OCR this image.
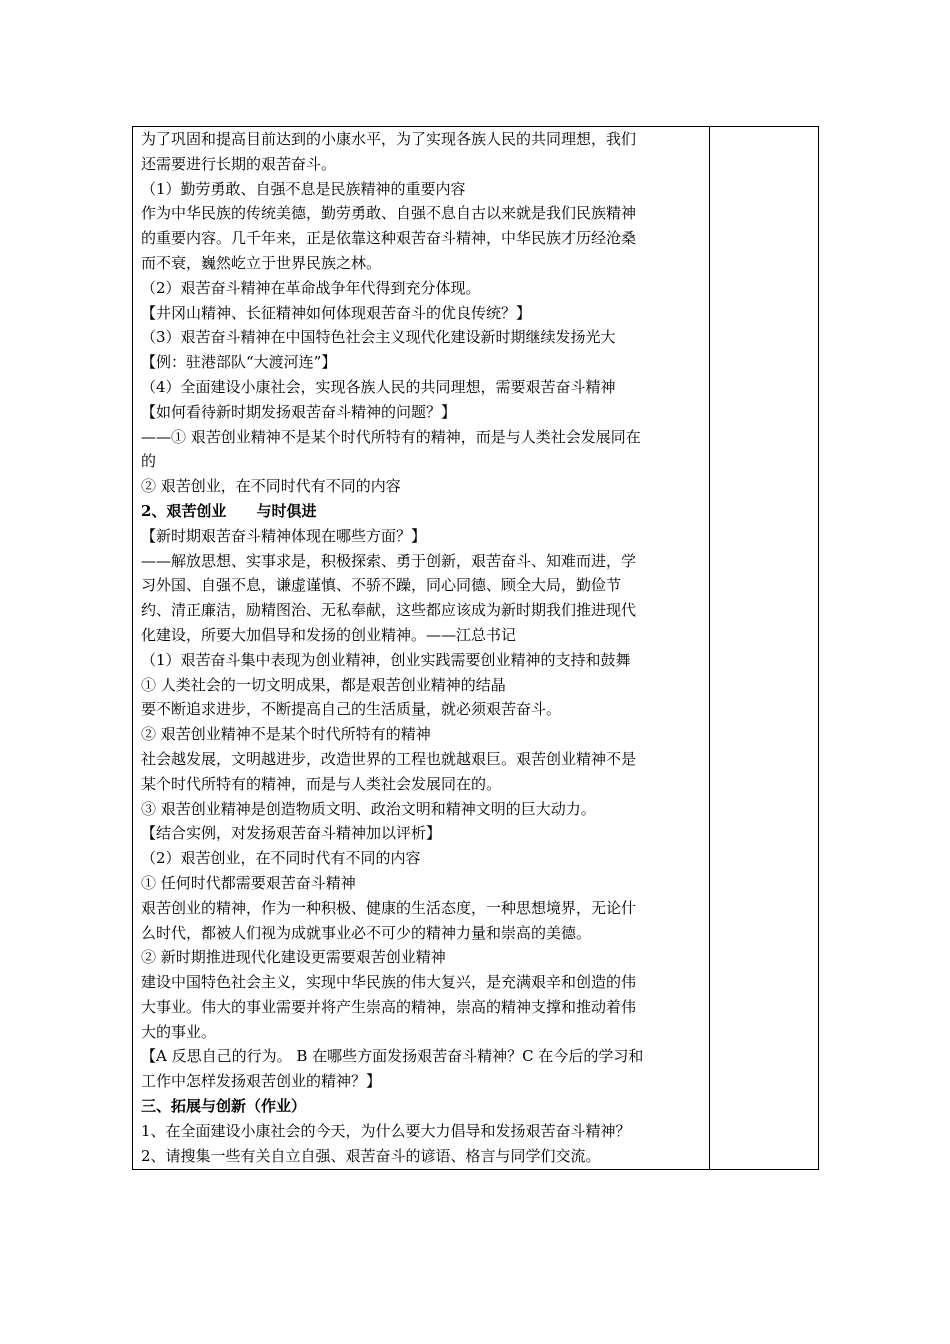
为了巩固和提高目前达到的小康水平，为了实现各族人民的共同理想，我们
还需要进行长期的艰苦奋斗。
（1）勤劳勇敢、自强不息是民族精神的重要内容
作为中华民族的传统美德，勤劳勇敢、自强不息自古以来就是我们民族精神
的重要内容。几千年来，正是依靠这种艰苦奋斗精神，中华民族才历经沧桑
而不衰，巍然屹立于世界民族之林。
（2）艰苦奋斗精神在革命战争年代得到充分体现。
【井冈山精神、长征精神如何体现艰苦奋斗的优良传统？】
（3）艰苦奋斗精神在中国特色社会主义现代化建设新时期继续发扬光大
【例：驻港部队“大渡河连”】
（4）全面建设小康社会，实现各族人民的共同理想，需要艰苦奋斗精神
【如何看待新时期发扬艰苦奋斗精神的问题？】
——① 艰苦创业精神不是某个时代所特有的精神，而是与人类社会发展同在
的
② 艰苦创业，在不同时代有不同的内容
2、艰苦创业　　与时俱进
【新时期艰苦奋斗精神体现在哪些方面？】
——解放思想、实事求是，积极探索、勇于创新，艰苦奋斗、知难而进，学
习外国、自强不息，谦虚谨慎、不骄不躁，同心同德、顾全大局，勤俭节
约、清正廉洁，励精图治、无私奉献，这些都应该成为新时期我们推进现代
化建设，所要大加倡导和发扬的创业精神。——江总书记
（1）艰苦奋斗集中表现为创业精神，创业实践需要创业精神的支持和鼓舞
① 人类社会的一切文明成果，都是艰苦创业精神的结晶
要不断追求进步，不断提高自己的生活质量，就必须艰苦奋斗。
② 艰苦创业精神不是某个时代所特有的精神
社会越发展，文明越进步，改造世界的工程也就越艰巨。艰苦创业精神不是
某个时代所特有的精神，而是与人类社会发展同在的。
③ 艰苦创业精神是创造物质文明、政治文明和精神文明的巨大动力。
【结合实例，对发扬艰苦奋斗精神加以评析】
（2）艰苦创业，在不同时代有不同的内容
① 任何时代都需要艰苦奋斗精神
艰苦创业的精神，作为一种积极、健康的生活态度，一种思想境界，无论什
么时代，都被人们视为成就事业必不可少的精神力量和崇高的美德。
② 新时期推进现代化建设更需要艰苦创业精神
建设中国特色社会主义，实现中华民族的伟大复兴，是充满艰辛和创造的伟
大事业。伟大的事业需要并将产生崇高的精神，崇高的精神支撑和推动着伟
大的事业。
【A 反思自己的行为。 B 在哪些方面发扬艰苦奋斗精神？C 在今后的学习和
工作中怎样发扬艰苦创业的精神？】
三、拓展与创新（作业）
1、在全面建设小康社会的今天，为什么要大力倡导和发扬艰苦奋斗精神？
2、请搜集一些有关自立自强、艰苦奋斗的谚语、格言与同学们交流。
